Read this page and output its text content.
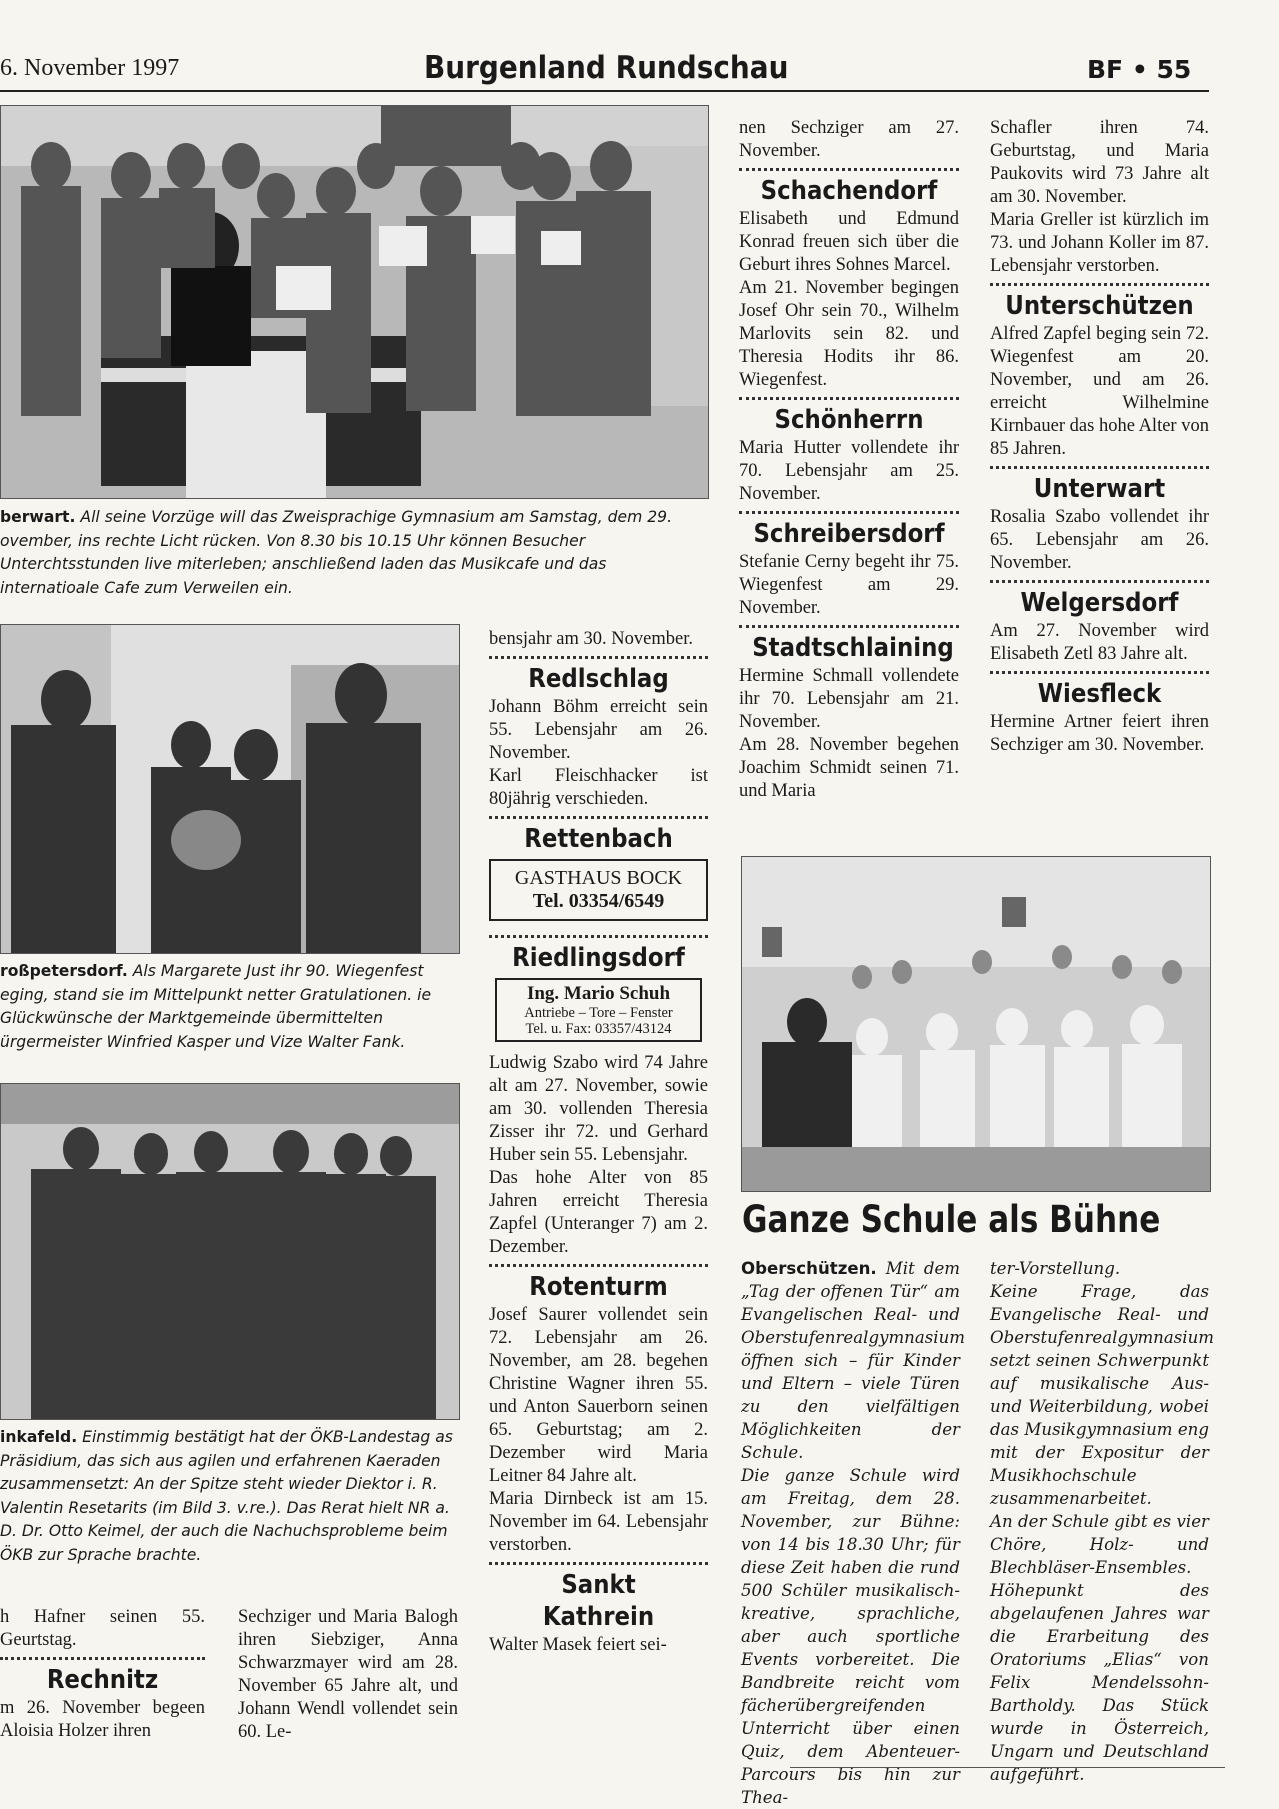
6. November 1997	Burgenland Rundschau	BF • 55
berwart. All seine Vorzüge will das Zweisprachige Gymnasium am Samstag, dem 29. ovember, ins rechte Licht rücken. Von 8.30 bis 10.15 Uhr können Besucher Unterchtsstunden live miterleben; anschließend laden das Musikcafe und das internatioale Cafe zum Verweilen ein.
roßpetersdorf. Als Margarete Just ihr 90. Wiegenfest eging, stand sie im Mittelpunkt netter Gratulationen. ie Glückwünsche der Marktgemeinde übermittelten ürgermeister Winfried Kasper und Vize Walter Fank.
inkafeld. Einstimmig bestätigt hat der ÖKB-Landestag as Präsidium, das sich aus agilen und erfahrenen Kaeraden zusammensetzt: An der Spitze steht wieder Diektor i. R. Valentin Resetarits (im Bild 3. v.re.). Das Rerat hielt NR a. D. Dr. Otto Keimel, der auch die Nachuchsprobleme beim ÖKB zur Sprache brachte.

h Hafner seinen 55. Geurtstag.

Rechnitz

m 26. November begeen Aloisia Holzer ihren

Sechziger und Maria Balogh ihren Siebziger, Anna Schwarzmayer wird am 28. November 65 Jahre alt, und Johann Wendl vollendet sein 60. Le-

bensjahr am 30. November.

Redlschlag

Johann Böhm erreicht sein 55. Lebensjahr am 26. November.

Karl Fleischhacker ist 80jährig verschieden.

Rettenbach
GASTHAUS BOCK
Tel. 03354/6549
Riedlingsdorf
Ing. Mario Schuh
Antriebe – Tore – Fenster
Tel. u. Fax: 03357/43124

Ludwig Szabo wird 74 Jahre alt am 27. November, sowie am 30. vollenden Theresia Zisser ihr 72. und Gerhard Huber sein 55. Lebensjahr.

Das hohe Alter von 85 Jahren erreicht Theresia Zapfel (Unteranger 7) am 2. Dezember.

Rotenturm

Josef Saurer vollendet sein 72. Lebensjahr am 26. November, am 28. begehen Christine Wagner ihren 55. und Anton Sauerborn seinen 65. Geburtstag; am 2. Dezember wird Maria Leitner 84 Jahre alt.

Maria Dirnbeck ist am 15. November im 64. Lebensjahr verstorben.

Sankt Kathrein

Walter Masek feiert sei-

nen Sechziger am 27. November.

Schachendorf

Elisabeth und Edmund Konrad freuen sich über die Geburt ihres Sohnes Marcel.

Am 21. November begingen Josef Ohr sein 70., Wilhelm Marlovits sein 82. und Theresia Hodits ihr 86. Wiegenfest.

Schönherrn

Maria Hutter vollendete ihr 70. Lebensjahr am 25. November.

Schreibersdorf

Stefanie Cerny begeht ihr 75. Wiegenfest am 29. November.

Stadtschlaining

Hermine Schmall vollendete ihr 70. Lebensjahr am 21. November.

Am 28. November begehen Joachim Schmidt seinen 71. und Maria

Schafler ihren 74. Geburtstag, und Maria Paukovits wird 73 Jahre alt am 30. November.

Maria Greller ist kürzlich im 73. und Johann Koller im 87. Lebensjahr verstorben.

Unterschützen

Alfred Zapfel beging sein 72. Wiegenfest am 20. November, und am 26. erreicht Wilhelmine Kirnbauer das hohe Alter von 85 Jahren.

Unterwart

Rosalia Szabo vollendet ihr 65. Lebensjahr am 26. November.

Welgersdorf

Am 27. November wird Elisabeth Zetl 83 Jahre alt.

Wiesfleck

Hermine Artner feiert ihren Sechziger am 30. November.

Ganze Schule als Bühne

Oberschützen. Mit dem „Tag der offenen Tür“ am Evangelischen Real- und Oberstufenrealgymnasium öffnen sich – für Kinder und Eltern – viele Türen zu den vielfältigen Möglichkeiten der Schule.

Die ganze Schule wird am Freitag, dem 28. November, zur Bühne: von 14 bis 18.30 Uhr; für diese Zeit haben die rund 500 Schüler musikalisch-kreative, sprachliche, aber auch sportliche Events vorbereitet. Die Bandbreite reicht vom fächerübergreifenden Unterricht über einen Quiz, dem Abenteuer-Parcours bis hin zur Thea-

ter-Vorstellung.

Keine Frage, das Evangelische Real- und Oberstufenrealgymnasium setzt seinen Schwerpunkt auf musikalische Aus- und Weiterbildung, wobei das Musikgymnasium eng mit der Expositur der Musikhochschule zusammenarbeitet.

An der Schule gibt es vier Chöre, Holz- und Blechbläser-Ensembles. Höhepunkt des abgelaufenen Jahres war die Erarbeitung des Oratoriums „Elias“ von Felix Mendelssohn-Bartholdy. Das Stück wurde in Österreich, Ungarn und Deutschland aufgeführt.
